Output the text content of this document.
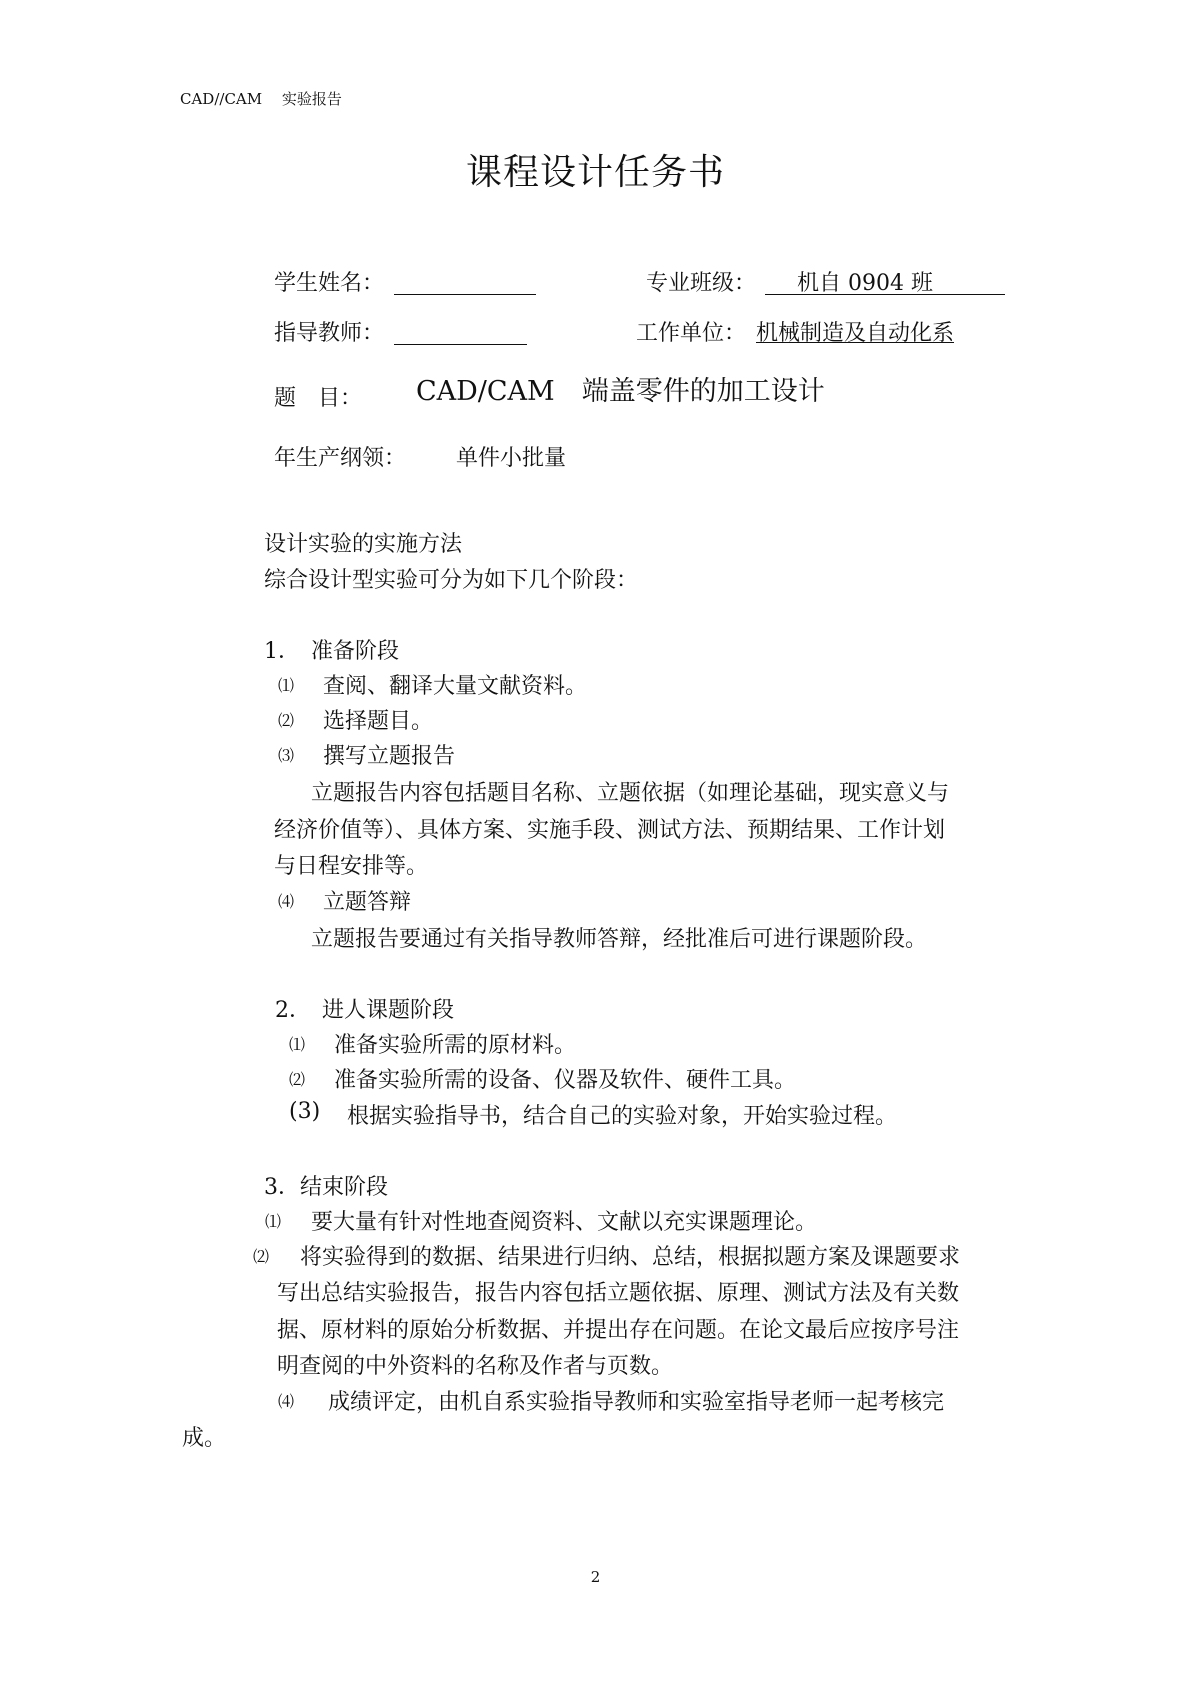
CAD//CAM　 实验报告
课程设计任务书
学生姓名：	专业班级： 机自 0904 班
指导教师：	工作单位： 机械制造及自动化系
题　目： CAD/CAM　端盖零件的加工设计
年生产纲领： 单件小批量
设计实验的实施方法
综合设计型实验可分为如下几个阶段：
1．　准备阶段
⑴ 查阅、翻译大量文献资料。
⑵ 选择题目。
⑶ 撰写立题报告
立题报告内容包括题目名称、立题依据（如理论基础，现实意义与
经济价值等）、具体方案、实施手段、测试方法、预期结果、工作计划
与日程安排等。
⑷ 立题答辩
立题报告要通过有关指导教师答辩，经批准后可进行课题阶段。
2．　进人课题阶段
⑴ 准备实验所需的原材料。
⑵ 准备实验所需的设备、仪器及软件、硬件工具。
(3) 根据实验指导书，结合自己的实验对象，开始实验过程。
3．结束阶段
⑴ 要大量有针对性地查阅资料、文献以充实课题理论。
⑵ 将实验得到的数据、结果进行归纳、总结，根据拟题方案及课题要求
写出总结实验报告，报告内容包括立题依据、原理、测试方法及有关数
据、原材料的原始分析数据、并提出存在问题。在论文最后应按序号注
明查阅的中外资料的名称及作者与页数。
⑷ 成绩评定，由机自系实验指导教师和实验室指导老师一起考核完
成。
2
